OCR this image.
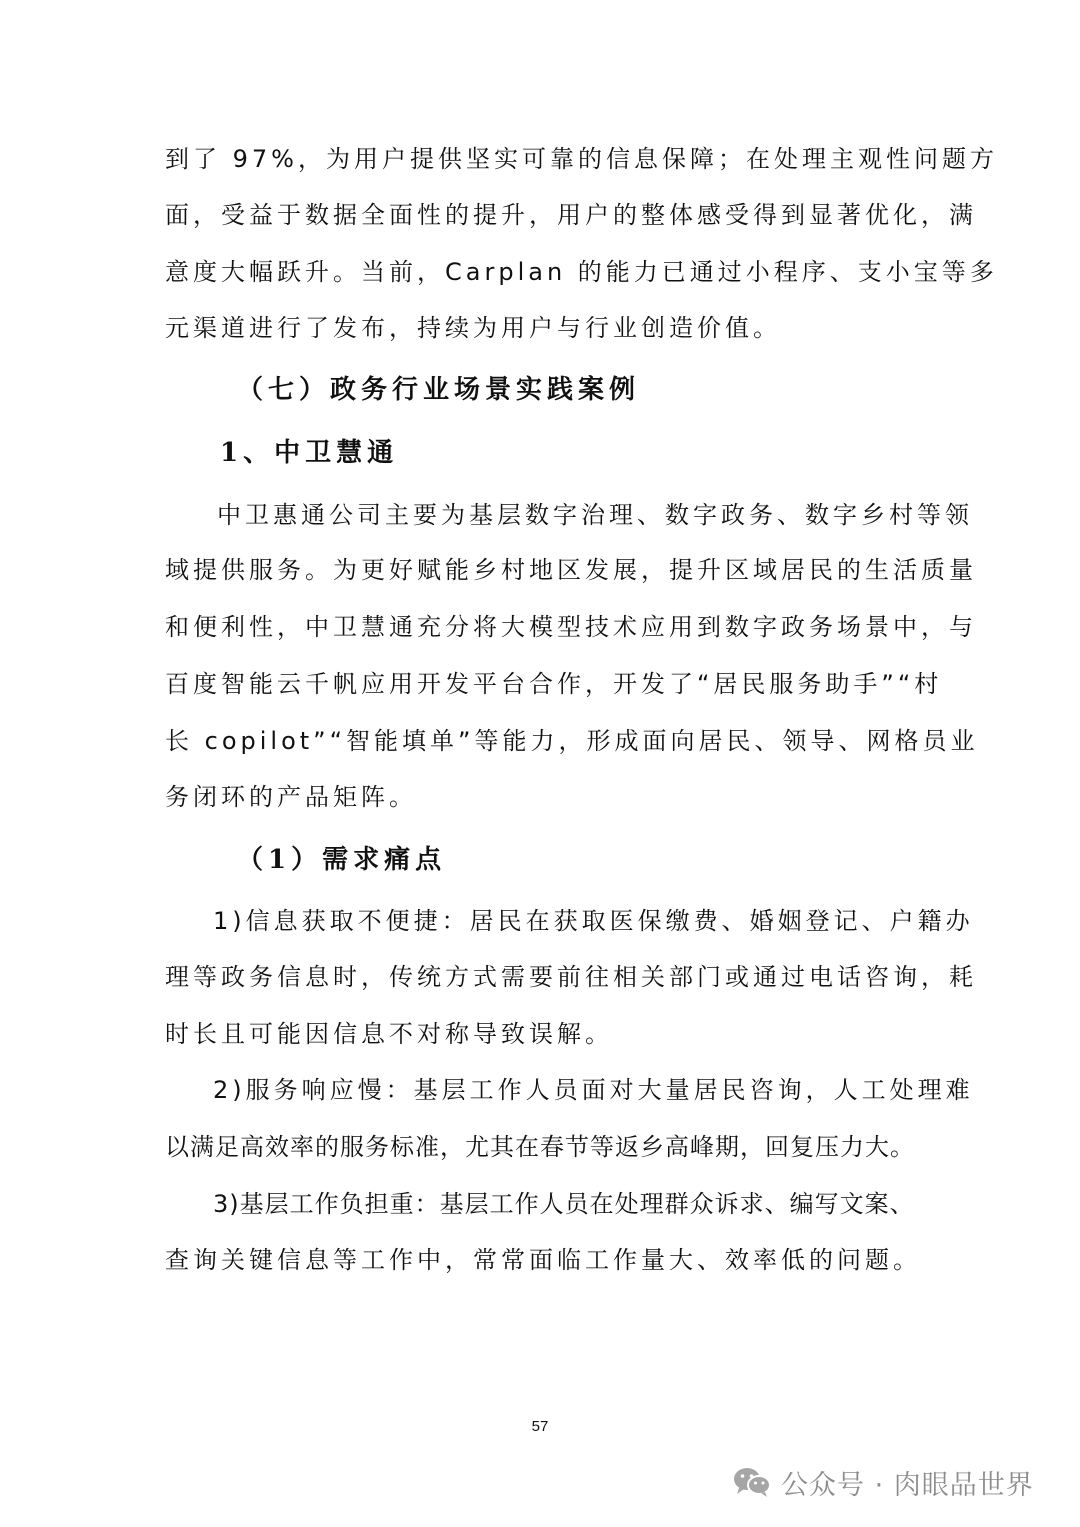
到了 97%，为用户提供坚实可靠的信息保障；在处理主观性问题方
面，受益于数据全面性的提升，用户的整体感受得到显著优化，满
意度大幅跃升。当前，Carplan 的能力已通过小程序、支小宝等多
元渠道进行了发布，持续为用户与行业创造价值。
（七）政务行业场景实践案例
1、中卫慧通
中卫惠通公司主要为基层数字治理、数字政务、数字乡村等领
域提供服务。为更好赋能乡村地区发展，提升区域居民的生活质量
和便利性，中卫慧通充分将大模型技术应用到数字政务场景中，与
百度智能云千帆应用开发平台合作，开发了“居民服务助手”“村
长 copilot”“智能填单”等能力，形成面向居民、领导、网格员业
务闭环的产品矩阵。
（1）需求痛点
1)信息获取不便捷：居民在获取医保缴费、婚姻登记、户籍办
理等政务信息时，传统方式需要前往相关部门或通过电话咨询，耗
时长且可能因信息不对称导致误解。
2)服务响应慢：基层工作人员面对大量居民咨询，人工处理难
以满足高效率的服务标准，尤其在春节等返乡高峰期，回复压力大。
3)基层工作负担重：基层工作人员在处理群众诉求、编写文案、
查询关键信息等工作中，常常面临工作量大、效率低的问题。
57
公众号 · 肉眼品世界
